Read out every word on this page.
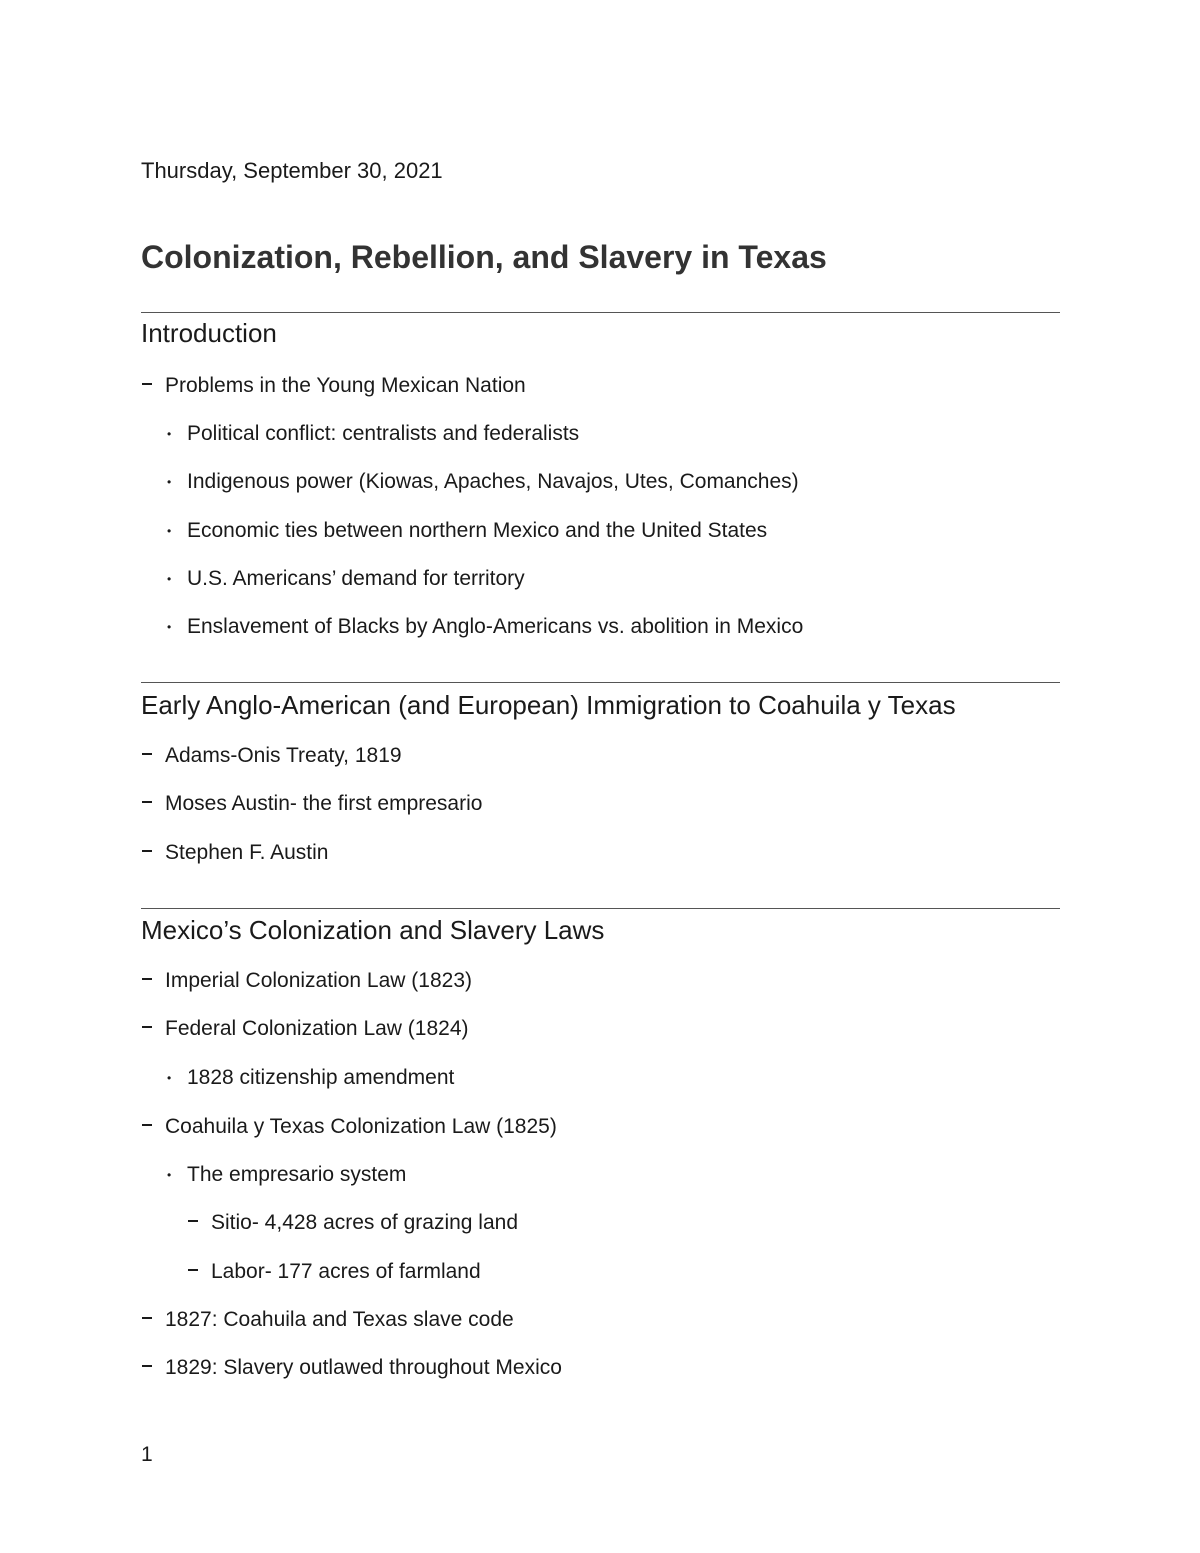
Thursday, September 30, 2021
Colonization, Rebellion, and Slavery in Texas
Introduction
Problems in the Young Mexican Nation
• Political conflict: centralists and federalists
• Indigenous power (Kiowas, Apaches, Navajos, Utes, Comanches)
• Economic ties between northern Mexico and the United States
• U.S. Americans’ demand for territory
• Enslavement of Blacks by Anglo-Americans vs. abolition in Mexico
Early Anglo-American (and European) Immigration to Coahuila y Texas
Adams-Onis Treaty, 1819
Moses Austin- the first empresario
Stephen F. Austin
Mexico’s Colonization and Slavery Laws
Imperial Colonization Law (1823)
Federal Colonization Law (1824)
• 1828 citizenship amendment
Coahuila y Texas Colonization Law (1825)
• The empresario system
Sitio- 4,428 acres of grazing land
Labor- 177 acres of farmland
1827: Coahuila and Texas slave code
1829: Slavery outlawed throughout Mexico
1
